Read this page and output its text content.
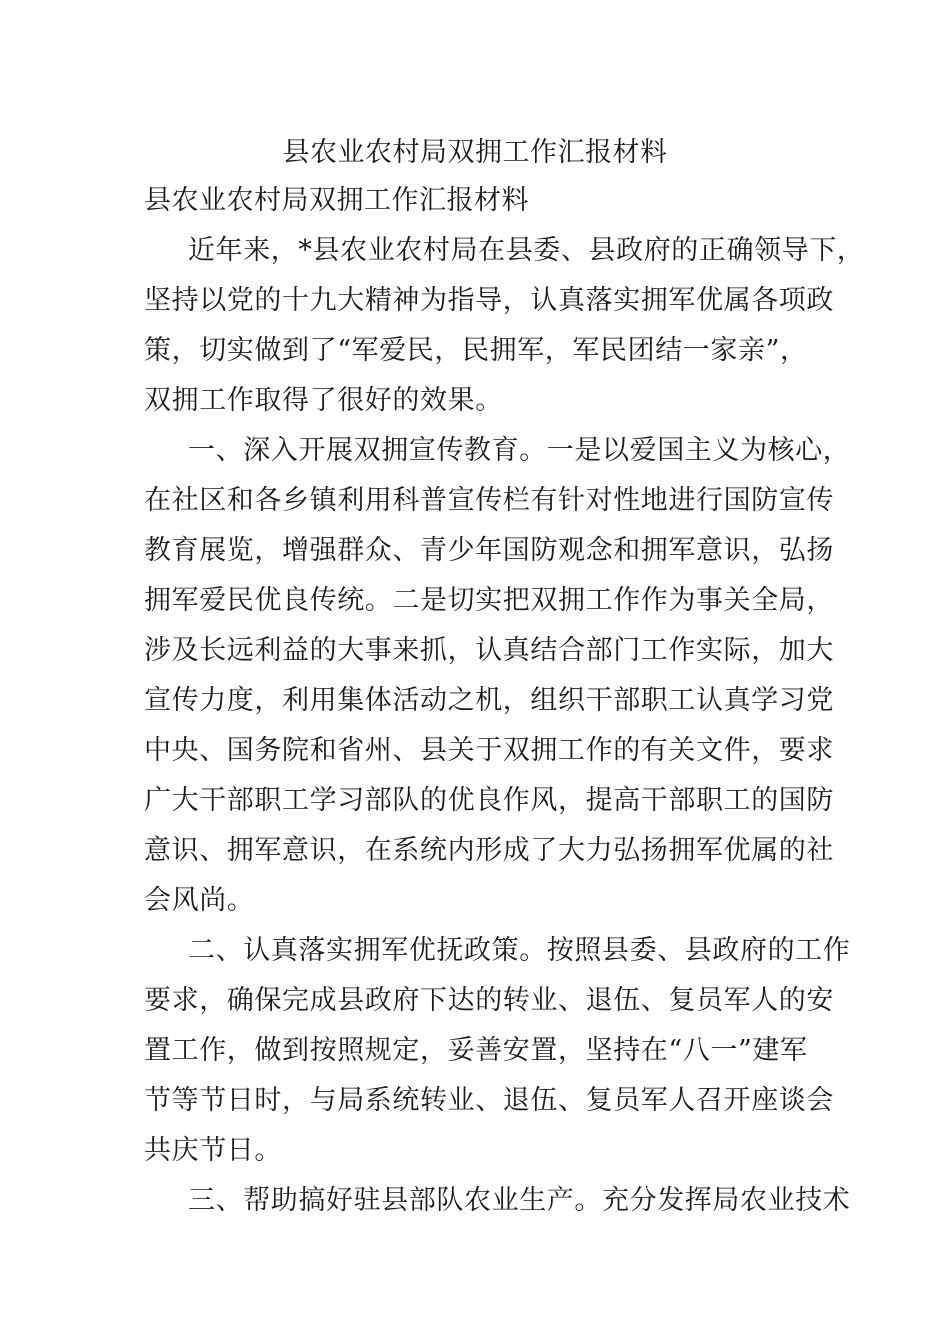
县农业农村局双拥工作汇报材料
县农业农村局双拥工作汇报材料
近年来，*县农业农村局在县委、县政府的正确领导下，
坚持以党的十九大精神为指导，认真落实拥军优属各项政
策，切实做到了“军爱民，民拥军，军民团结一家亲”，
双拥工作取得了很好的效果。
一、深入开展双拥宣传教育。一是以爱国主义为核心，
在社区和各乡镇利用科普宣传栏有针对性地进行国防宣传
教育展览，增强群众、青少年国防观念和拥军意识，弘扬
拥军爱民优良传统。二是切实把双拥工作作为事关全局，
涉及长远利益的大事来抓，认真结合部门工作实际，加大
宣传力度，利用集体活动之机，组织干部职工认真学习党
中央、国务院和省州、县关于双拥工作的有关文件，要求
广大干部职工学习部队的优良作风，提高干部职工的国防
意识、拥军意识，在系统内形成了大力弘扬拥军优属的社
会风尚。
二、认真落实拥军优抚政策。按照县委、县政府的工作
要求，确保完成县政府下达的转业、退伍、复员军人的安
置工作，做到按照规定，妥善安置，坚持在“八一”建军
节等节日时，与局系统转业、退伍、复员军人召开座谈会
共庆节日。
三、帮助搞好驻县部队农业生产。充分发挥局农业技术
